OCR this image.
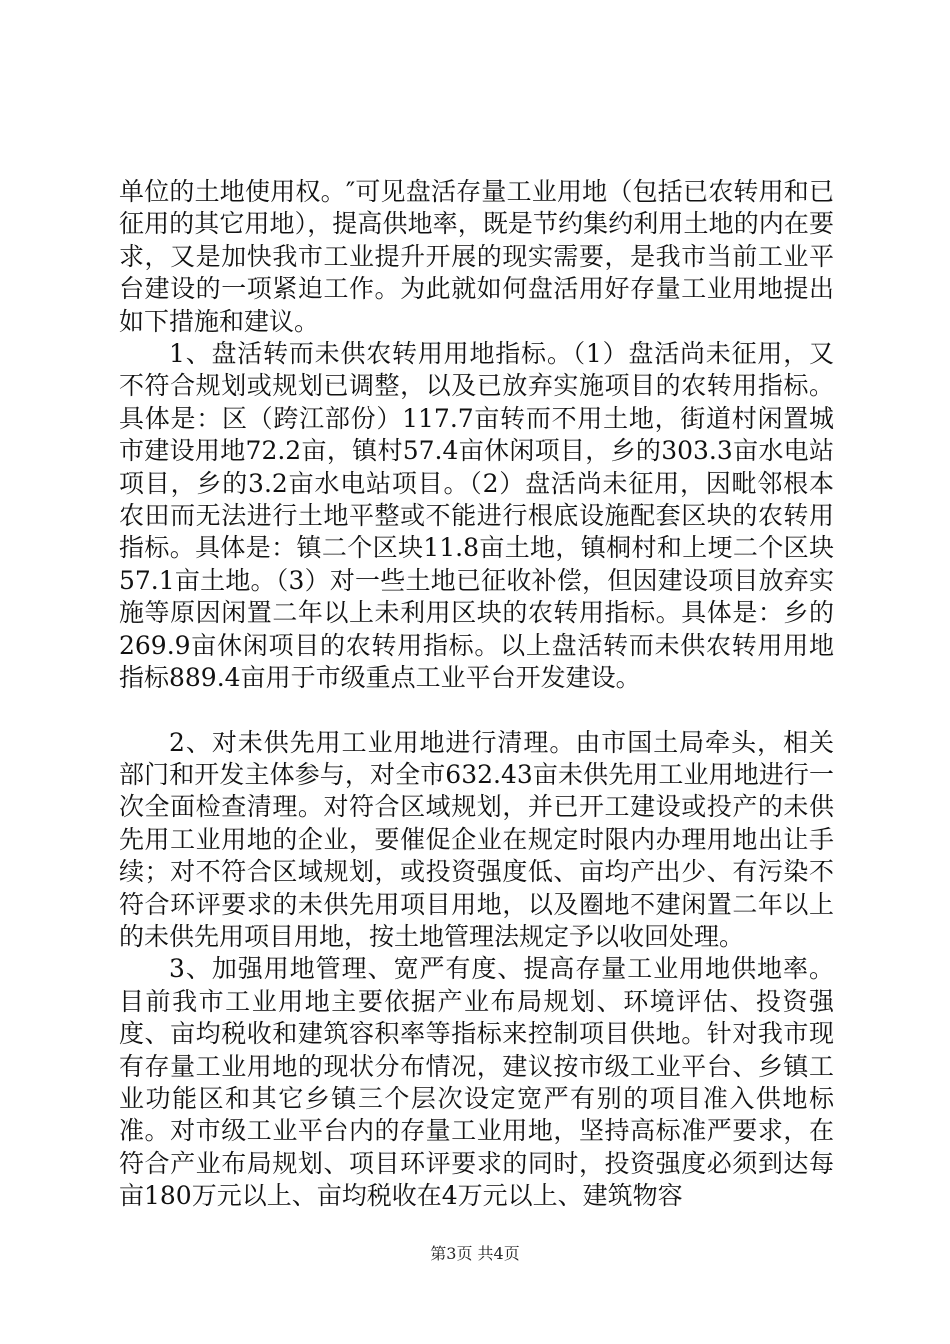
单位的土地使用权。″可见盘活存量工业用地（包括已农转用和已征用的其它用地），提高供地率，既是节约集约利用土地的内在要求，又是加快我市工业提升开展的现实需要，是我市当前工业平台建设的一项紧迫工作。为此就如何盘活用好存量工业用地提出如下措施和建议。

1、盘活转而未供农转用用地指标。（1）盘活尚未征用，又不符合规划或规划已调整，以及已放弃实施项目的农转用指标。具体是：区（跨江部份）117.7亩转而不用土地，街道村闲置城市建设用地72.2亩，镇村57.4亩休闲项目，乡的303.3亩水电站项目，乡的3.2亩水电站项目。（2）盘活尚未征用，因毗邻根本农田而无法进行土地平整或不能进行根底设施配套区块的农转用指标。具体是：镇二个区块11.8亩土地，镇桐村和上埂二个区块57.1亩土地。（3）对一些土地已征收补偿，但因建设项目放弃实施等原因闲置二年以上未利用区块的农转用指标。具体是：乡的269.9亩休闲项目的农转用指标。以上盘活转而未供农转用用地指标889.4亩用于市级重点工业平台开发建设。

2、对未供先用工业用地进行清理。由市国土局牵头，相关部门和开发主体参与，对全市632.43亩未供先用工业用地进行一次全面检查清理。对符合区域规划，并已开工建设或投产的未供先用工业用地的企业，要催促企业在规定时限内办理用地出让手续；对不符合区域规划，或投资强度低、亩均产出少、有污染不符合环评要求的未供先用项目用地，以及圈地不建闲置二年以上的未供先用项目用地，按土地管理法规定予以收回处理。

3、加强用地管理、宽严有度、提高存量工业用地供地率。目前我市工业用地主要依据产业布局规划、环境评估、投资强度、亩均税收和建筑容积率等指标来控制项目供地。针对我市现有存量工业用地的现状分布情况，建议按市级工业平台、乡镇工业功能区和其它乡镇三个层次设定宽严有别的项目准入供地标准。对市级工业平台内的存量工业用地，坚持高标准严要求，在符合产业布局规划、项目环评要求的同时，投资强度必须到达每亩180万元以上、亩均税收在4万元以上、建筑物容

第3页 共4页
